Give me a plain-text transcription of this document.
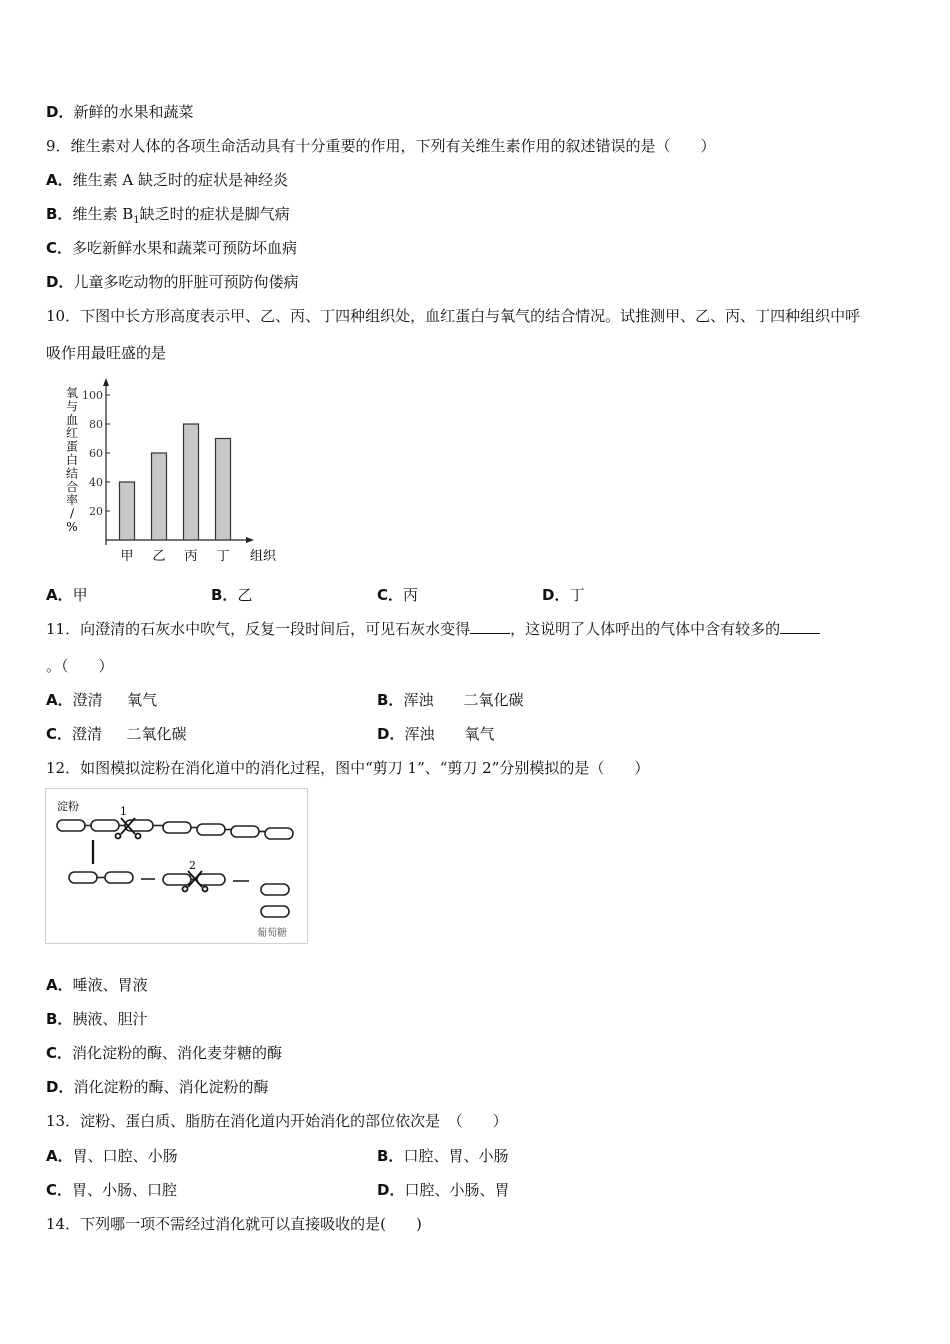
D．新鲜的水果和蔬菜
9．维生素对人体的各项生命活动具有十分重要的作用，下列有关维生素作用的叙述错误的是（　　）
A．维生素 A 缺乏时的症状是神经炎
B．维生素 $B_1$缺乏时的症状是脚气病
C．多吃新鲜水果和蔬菜可预防坏血病
D．儿童多吃动物的肝脏可预防佝偻病
10．下图中长方形高度表示甲、乙、丙、丁四种组织处，血红蛋白与氧气的结合情况。试推测甲、乙、丙、丁四种组织中呼
吸作用最旺盛的是
氧
与
血
红
蛋
白
结
合
率
/
%
20
40
60
80
100
甲 乙 丙 丁 组织
A．甲	B．乙	C．丙	D．丁
11．向澄清的石灰水中吹气，反复一段时间后，可见石灰水变得	，这说明了人体呼出的气体中含有较多的
。（　　）
A．澄清　  氧气	B．浑浊　　二氧化碳
C．澄清　  二氧化碳	D．浑浊　　氧气
12．如图模拟淀粉在消化道中的消化过程，图中“剪刀 1”、“剪刀 2”分别模拟的是（　　）
淀粉	1
2
葡萄糖
A．唾液、胃液
B．胰液、胆汁
C．消化淀粉的酶、消化麦芽糖的酶
D．消化淀粉的酶、消化淀粉的酶
13．淀粉、蛋白质、脂肪在消化道内开始消化的部位依次是　（　　）
A．胃、口腔、小肠	B．口腔、胃、小肠
C．胃、小肠、口腔	D．口腔、小肠、胃
14．下列哪一项不需经过消化就可以直接吸收的是(　　)
